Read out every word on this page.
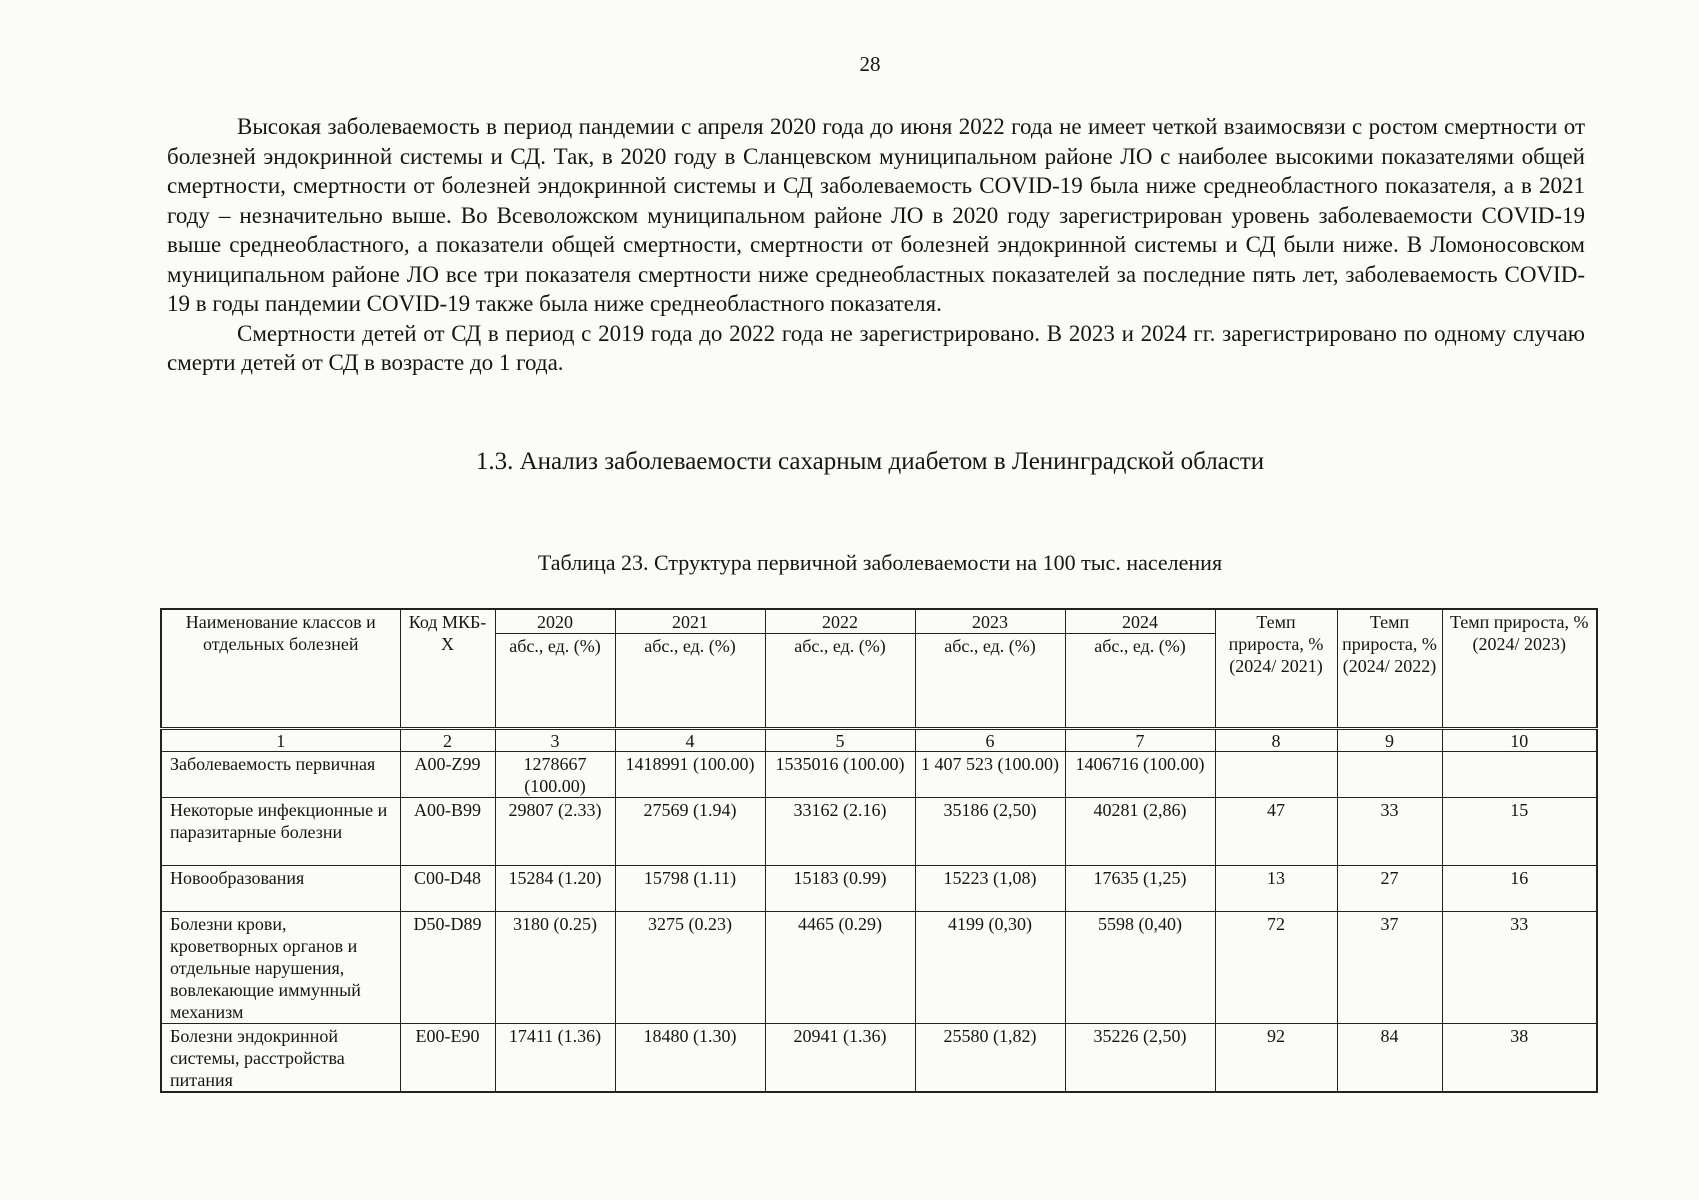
28

Высокая заболеваемость в период пандемии с апреля 2020 года до июня 2022 года не имеет четкой взаимосвязи с ростом смертности от болезней эндокринной системы и СД. Так, в 2020 году в Сланцевском муниципальном районе ЛО с наиболее высокими показателями общей смертности, смертности от болезней эндокринной системы и СД заболеваемость COVID-19 была ниже среднеобластного показателя, а в 2021 году – незначительно выше. Во Всеволожском муниципальном районе ЛО в 2020 году зарегистрирован уровень заболеваемости COVID-19 выше среднеобластного, а показатели общей смертности, смертности от болезней эндокринной системы и СД были ниже. В Ломоносовском муниципальном районе ЛО все три показателя смертности ниже среднеобластных показателей за последние пять лет, заболеваемость COVID-19 в годы пандемии COVID-19 также была ниже среднеобластного показателя.

Смертности детей от СД в период с 2019 года до 2022 года не зарегистрировано. В 2023 и 2024 гг. зарегистрировано по одному случаю смерти детей от СД в возрасте до 1 года.

1.3. Анализ заболеваемости сахарным диабетом в Ленинградской области
Таблица 23. Структура первичной заболеваемости на 100 тыс. населения
Наименование классов и отдельных болезней	Код МКБ-Х	2020	2021	2022	2023	2024	Темп прироста, % (2024/ 2021)	Темп прироста, % (2024/ 2022)	Темп прироста, % (2024/ 2023)
		абс., ед. (%)	абс., ед. (%)	абс., ед. (%)	абс., ед. (%)	абс., ед. (%)			
1	2	3	4	5	6	7	8	9	10
Заболеваемость первичная	A00-Z99	1278667 (100.00)	1418991 (100.00)	1535016 (100.00)	1 407 523 (100.00)	1406716 (100.00)			
Некоторые инфекционные и паразитарные болезни	A00-B99	29807 (2.33)	27569 (1.94)	33162 (2.16)	35186 (2,50)	40281 (2,86)	47	33	15
Новообразования	C00-D48	15284 (1.20)	15798 (1.11)	15183 (0.99)	15223 (1,08)	17635 (1,25)	13	27	16
Болезни крови, кроветворных органов и отдельные нарушения, вовлекающие иммунный механизм	D50-D89	3180 (0.25)	3275 (0.23)	4465 (0.29)	4199 (0,30)	5598 (0,40)	72	37	33
Болезни эндокринной системы, расстройства питания	E00-E90	17411 (1.36)	18480 (1.30)	20941 (1.36)	25580 (1,82)	35226 (2,50)	92	84	38
